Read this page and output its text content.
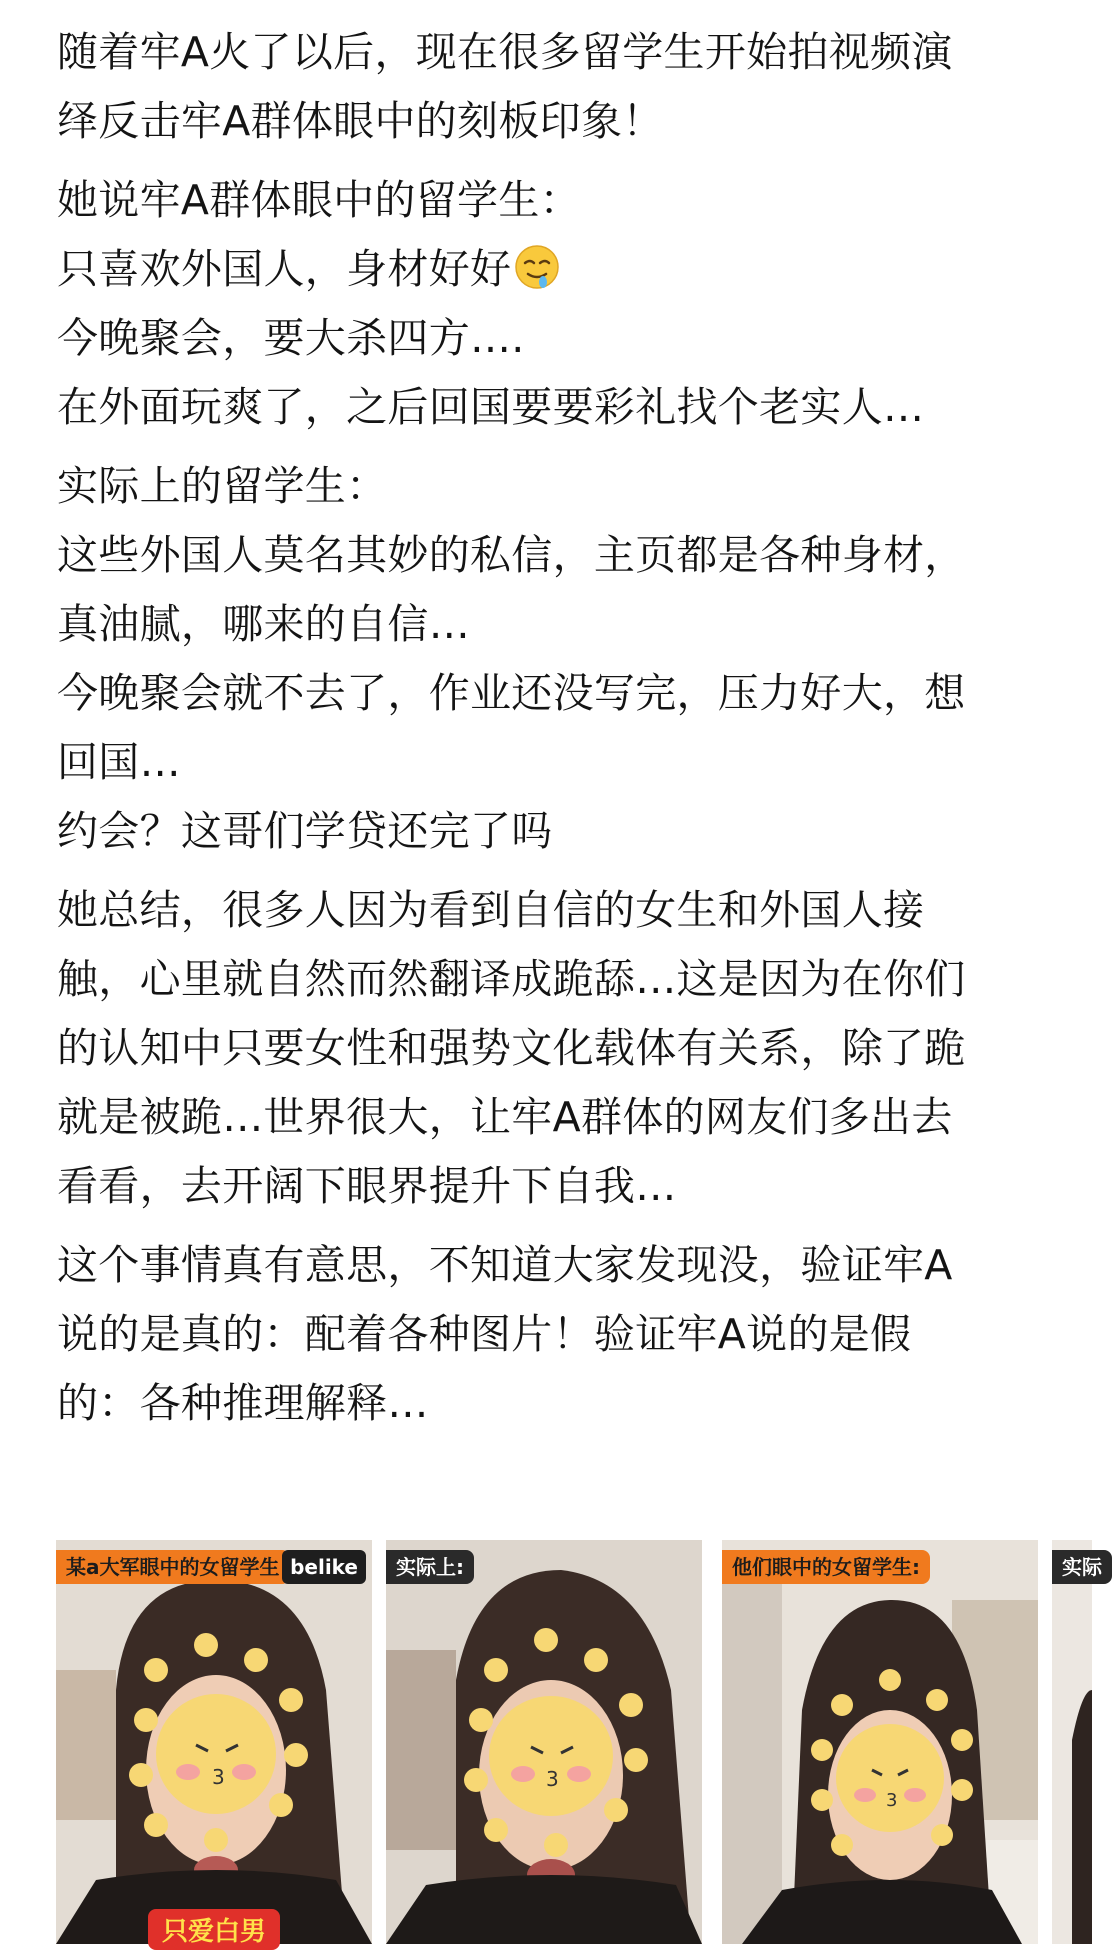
随着牢A火了以后，现在很多留学生开始拍视频演
绎反击牢A群体眼中的刻板印象！
她说牢A群体眼中的留学生：
只喜欢外国人，身材好好
今晚聚会，要大杀四方….
在外面玩爽了，之后回国要要彩礼找个老实人…
实际上的留学生：
这些外国人莫名其妙的私信，主页都是各种身材，
真油腻，哪来的自信…
今晚聚会就不去了，作业还没写完，压力好大，想
回国…
约会？这哥们学贷还完了吗
她总结，很多人因为看到自信的女生和外国人接
触，心里就自然而然翻译成跪舔…这是因为在你们
的认知中只要女性和强势文化载体有关系，除了跪
就是被跪…世界很大，让牢A群体的网友们多出去
看看，去开阔下眼界提升下自我…
这个事情真有意思，不知道大家发现没，验证牢A
说的是真的：配着各种图片！验证牢A说的是假
的：各种推理解释…
3
某a大军眼中的女留学生 belike
只爱白男
3
实际上:
3
他们眼中的女留学生:	实际
